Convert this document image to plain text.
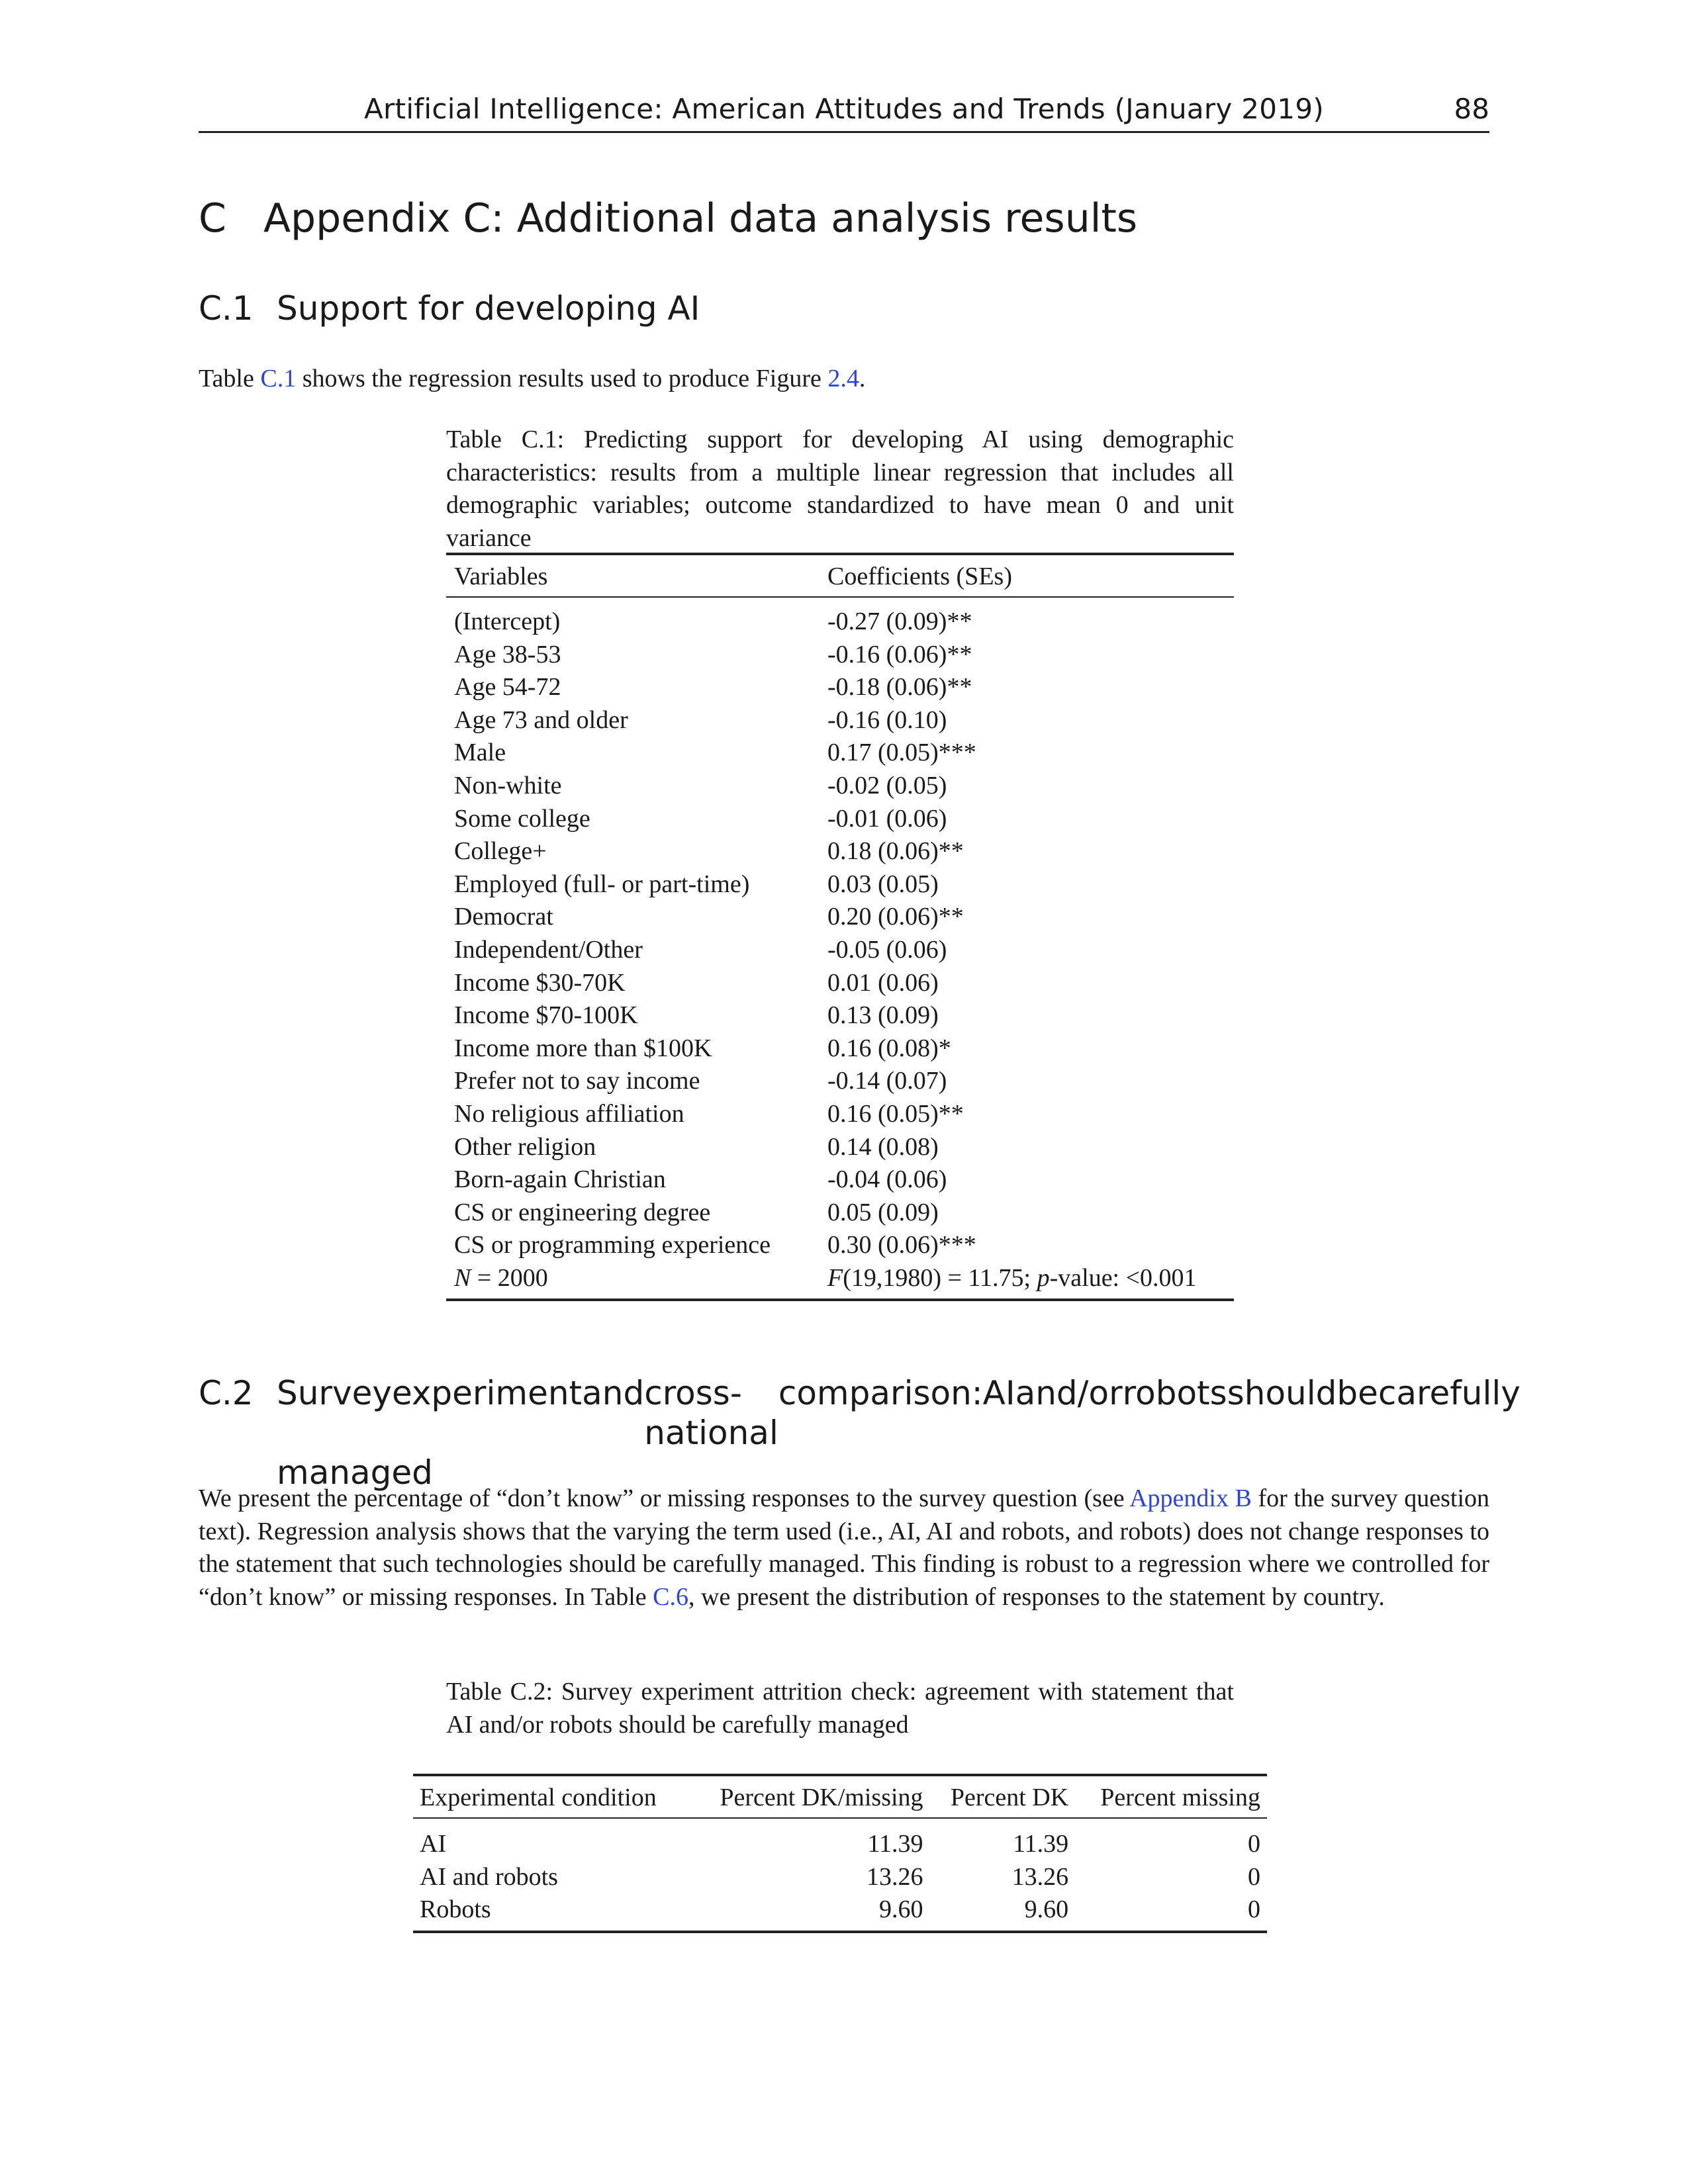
Artificial Intelligence: American Attitudes and Trends (January 2019)	88
C Appendix C: Additional data analysis results
C.1 Support for developing AI

Table C.1 shows the regression results used to produce Figure 2.4.

Table C.1: Predicting support for developing AI using demographic characteristics: results from a multiple linear regression that includes all demographic variables; outcome standardized to have mean 0 and unit variance

Variables	Coefficients (SEs)
(Intercept)	-0.27 (0.09)**
Age 38-53	-0.16 (0.06)**
Age 54-72	-0.18 (0.06)**
Age 73 and older	-0.16 (0.10)
Male	0.17 (0.05)***
Non-white	-0.02 (0.05)
Some college	-0.01 (0.06)
College+	0.18 (0.06)**
Employed (full- or part-time)	0.03 (0.05)
Democrat	0.20 (0.06)**
Independent/Other	-0.05 (0.06)
Income $30-70K	0.01 (0.06)
Income $70-100K	0.13 (0.09)
Income more than $100K	0.16 (0.08)*
Prefer not to say income	-0.14 (0.07)
No religious affiliation	0.16 (0.05)**
Other religion	0.14 (0.08)
Born-again Christian	-0.04 (0.06)
CS or engineering degree	0.05 (0.09)
CS or programming experience	0.30 (0.06)***
N = 2000	F(19,1980) = 11.75; p-value: <0.001
C.2 Survey experiment and cross-national
comparison: AI and/or robots should be carefully
managed

We present the percentage of “don’t know” or missing responses to the survey question (see Appendix B for the survey question text). Regression analysis shows that the varying the term used (i.e., AI, AI and robots, and robots) does not change responses to the statement that such technologies should be carefully managed. This finding is robust to a regression where we controlled for “don’t know” or missing responses. In Table C.6, we present the distribution of responses to the statement by country.

Table C.2: Survey experiment attrition check: agreement with statement that AI and/or robots should be carefully managed

Experimental condition	Percent DK/missing	Percent DK	Percent missing
AI	11.39	11.39	0
AI and robots	13.26	13.26	0
Robots	9.60	9.60	0
